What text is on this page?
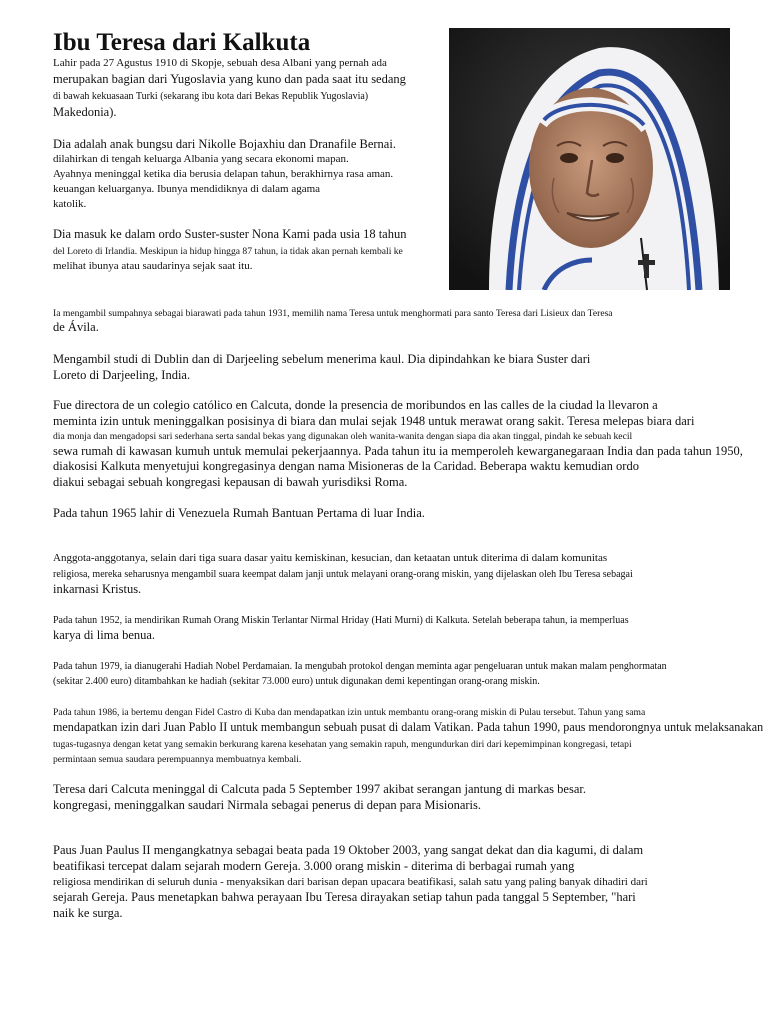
Ibu Teresa dari Kalkuta

Lahir pada 27 Agustus 1910 di Skopje, sebuah desa Albani yang pernah ada

merupakan bagian dari Yugoslavia yang kuno dan pada saat itu sedang

di bawah kekuasaan Turki (sekarang ibu kota dari Bekas Republik Yugoslavia)

Makedonia).

Dia adalah anak bungsu dari Nikolle Bojaxhiu dan Dranafile Bernai.

dilahirkan di tengah keluarga Albania yang secara ekonomi mapan.

Ayahnya meninggal ketika dia berusia delapan tahun, berakhirnya rasa aman.

keuangan keluarganya. Ibunya mendidiknya di dalam agama

katolik.

Dia masuk ke dalam ordo Suster-suster Nona Kami pada usia 18 tahun

del Loreto di Irlandia. Meskipun ia hidup hingga 87 tahun, ia tidak akan pernah kembali ke

melihat ibunya atau saudarinya sejak saat itu.

Ia mengambil sumpahnya sebagai biarawati pada tahun 1931, memilih nama Teresa untuk menghormati para santo Teresa dari Lisieux dan Teresa

de Ávila.

Mengambil studi di Dublin dan di Darjeeling sebelum menerima kaul. Dia dipindahkan ke biara Suster dari

Loreto di Darjeeling, India.

Fue directora de un colegio católico en Calcuta, donde la presencia de moribundos en las calles de la ciudad la llevaron a

meminta izin untuk meninggalkan posisinya di biara dan mulai sejak 1948 untuk merawat orang sakit. Teresa melepas biara dari

dia monja dan mengadopsi sari sederhana serta sandal bekas yang digunakan oleh wanita-wanita dengan siapa dia akan tinggal, pindah ke sebuah kecil

sewa rumah di kawasan kumuh untuk memulai pekerjaannya. Pada tahun itu ia memperoleh kewarganegaraan India dan pada tahun 1950,

diakosisi Kalkuta menyetujui kongregasinya dengan nama Misioneras de la Caridad. Beberapa waktu kemudian ordo

diakui sebagai sebuah kongregasi kepausan di bawah yurisdiksi Roma.

Pada tahun 1965 lahir di Venezuela Rumah Bantuan Pertama di luar India.

Anggota-anggotanya, selain dari tiga suara dasar yaitu kemiskinan, kesucian, dan ketaatan untuk diterima di dalam komunitas

religiosa, mereka seharusnya mengambil suara keempat dalam janji untuk melayani orang-orang miskin, yang dijelaskan oleh Ibu Teresa sebagai

inkarnasi Kristus.

Pada tahun 1952, ia mendirikan Rumah Orang Miskin Terlantar Nirmal Hriday (Hati Murni) di Kalkuta. Setelah beberapa tahun, ia memperluas

karya di lima benua.

Pada tahun 1979, ia dianugerahi Hadiah Nobel Perdamaian. Ia mengubah protokol dengan meminta agar pengeluaran untuk makan malam penghormatan

(sekitar 2.400 euro) ditambahkan ke hadiah (sekitar 73.000 euro) untuk digunakan demi kepentingan orang-orang miskin.

Pada tahun 1986, ia bertemu dengan Fidel Castro di Kuba dan mendapatkan izin untuk membantu orang-orang miskin di Pulau tersebut. Tahun yang sama

mendapatkan izin dari Juan Pablo II untuk membangun sebuah pusat di dalam Vatikan. Pada tahun 1990, paus mendorongnya untuk melaksanakan

tugas-tugasnya dengan ketat yang semakin berkurang karena kesehatan yang semakin rapuh, mengundurkan diri dari kepemimpinan kongregasi, tetapi

permintaan semua saudara perempuannya membuatnya kembali.

Teresa dari Calcuta meninggal di Calcuta pada 5 September 1997 akibat serangan jantung di markas besar.

kongregasi, meninggalkan saudari Nirmala sebagai penerus di depan para Misionaris.

Paus Juan Paulus II mengangkatnya sebagai beata pada 19 Oktober 2003, yang sangat dekat dan dia kagumi, di dalam

beatifikasi tercepat dalam sejarah modern Gereja. 3.000 orang miskin - diterima di berbagai rumah yang

religiosa mendirikan di seluruh dunia - menyaksikan dari barisan depan upacara beatifikasi, salah satu yang paling banyak dihadiri dari

sejarah Gereja. Paus menetapkan bahwa perayaan Ibu Teresa dirayakan setiap tahun pada tanggal 5 September, "hari

naik ke surga.
